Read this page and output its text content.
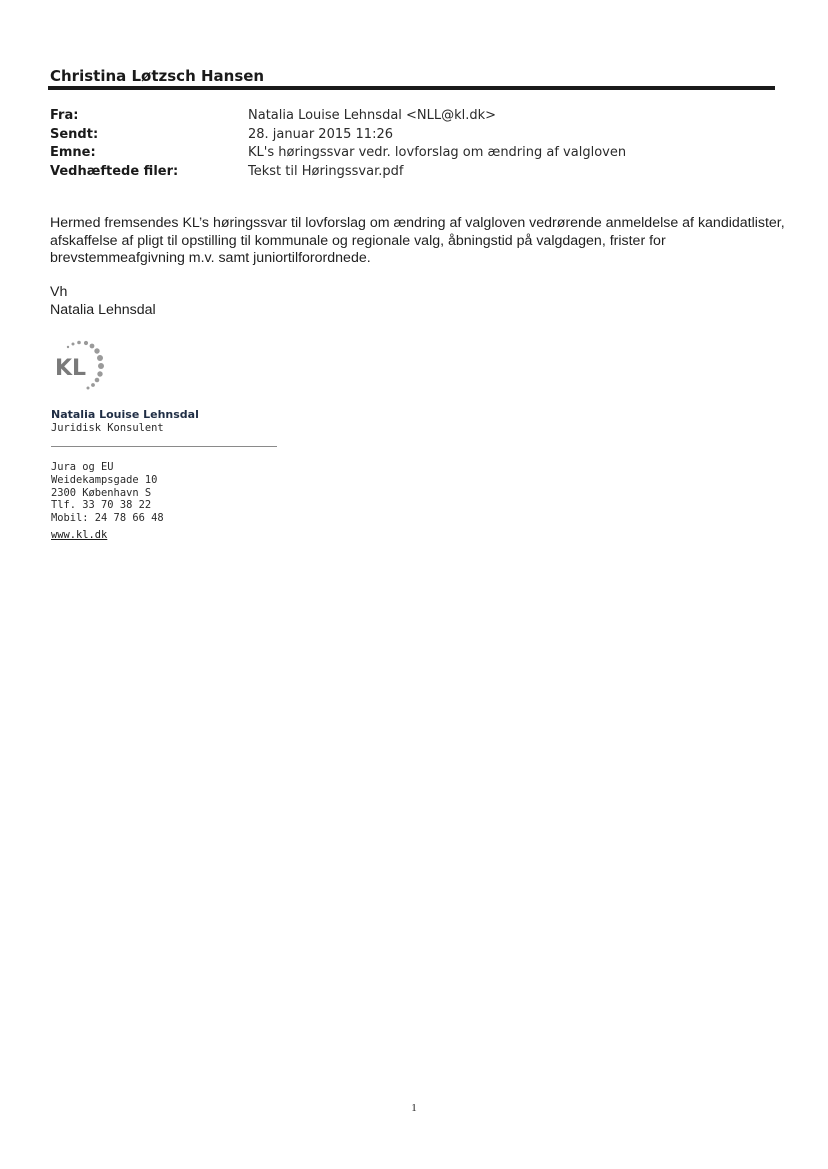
Christina Løtzsch Hansen
Fra:	Natalia Louise Lehnsdal <NLL@kl.dk>
Sendt:	28. januar 2015 11:26
Emne:	KL's høringssvar vedr. lovforslag om ændring af valgloven
Vedhæftede filer:	Tekst til Høringssvar.pdf
Hermed fremsendes KL’s høringssvar til lovforslag om ændring af valgloven vedrørende anmeldelse af kandidatlister,
afskaffelse af pligt til opstilling til kommunale og regionale valg, åbningstid på valgdagen, frister for
brevstemmeafgivning m.v. samt juniortilforordnede.
Vh
Natalia Lehnsdal
KL
Natalia Louise Lehnsdal
Juridisk Konsulent
Jura og EU
Weidekampsgade 10
2300 København S
Tlf. 33 70 38 22
Mobil: 24 78 66 48
www.kl.dk
1
